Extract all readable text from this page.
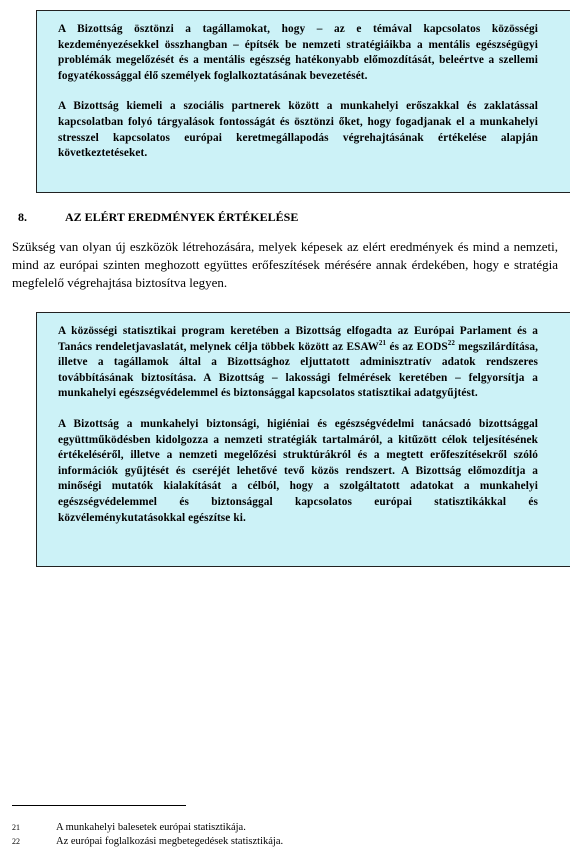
A Bizottság ösztönzi a tagállamokat, hogy – az e témával kapcsolatos közösségi kezdeményezésekkel összhangban – építsék be nemzeti stratégiáikba a mentális egészségügyi problémák megelőzését és a mentális egészség hatékonyabb előmozdítását, beleértve a szellemi fogyatékossággal élő személyek foglalkoztatásának bevezetését.

A Bizottság kiemeli a szociális partnerek között a munkahelyi erőszakkal és zaklatással kapcsolatban folyó tárgyalások fontosságát és ösztönzi őket, hogy fogadjanak el a munkahelyi stresszel kapcsolatos európai keretmegállapodás végrehajtásának értékelése alapján következtetéseket.

8.	AZ ELÉRT EREDMÉNYEK ÉRTÉKELÉSE

Szükség van olyan új eszközök létrehozására, melyek képesek az elért eredmények és mind a nemzeti, mind az európai szinten meghozott együttes erőfeszítések mérésére annak érdekében, hogy e stratégia megfelelő végrehajtása biztosítva legyen.

A közösségi statisztikai program keretében a Bizottság elfogadta az Európai Parlament és a Tanács rendeletjavaslatát, melynek célja többek között az ESAW$^{21}$ és az EODS$^{22}$ megszilárdítása, illetve a tagállamok által a Bizottsághoz eljuttatott adminisztratív adatok rendszeres továbbításának biztosítása. A Bizottság – lakossági felmérések keretében – felgyorsítja a munkahelyi egészségvédelemmel és biztonsággal kapcsolatos statisztikai adatgyűjtést.

A Bizottság a munkahelyi biztonsági, higiéniai és egészségvédelmi tanácsadó bizottsággal együttműködésben kidolgozza a nemzeti stratégiák tartalmáról, a kitűzött célok teljesítésének értékeléséről, illetve a nemzeti megelőzési struktúrákról és a megtett erőfeszítésekről szóló információk gyűjtését és cseréjét lehetővé tevő közös rendszert. A Bizottság előmozdítja a minőségi mutatók kialakítását a célból, hogy a szolgáltatott adatokat a munkahelyi egészségvédelemmel és biztonsággal kapcsolatos európai statisztikákkal és közvéleménykutatásokkal egészítse ki.

21	A munkahelyi balesetek európai statisztikája.
22	Az európai foglalkozási megbetegedések statisztikája.
